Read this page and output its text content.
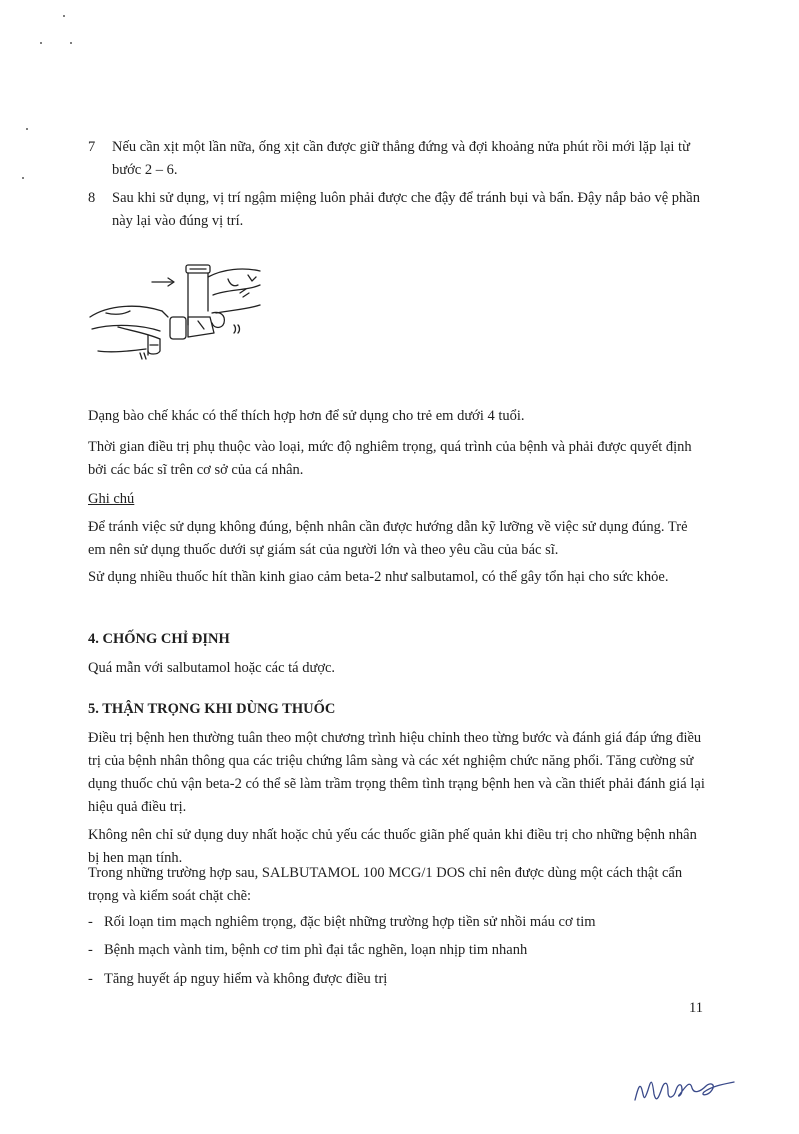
7 Nếu cần xịt một lần nữa, ống xịt cần được giữ thẳng đứng và đợi khoảng nửa phút rồi mới lặp lại từ bước 2 – 6.
8 Sau khi sử dụng, vị trí ngậm miệng luôn phải được che đậy để tránh bụi và bẩn. Đậy nắp bảo vệ phần này lại vào đúng vị trí.

Dạng bào chế khác có thể thích hợp hơn để sử dụng cho trẻ em dưới 4 tuổi.

Thời gian điều trị phụ thuộc vào loại, mức độ nghiêm trọng, quá trình của bệnh và phải được quyết định bởi các bác sĩ trên cơ sở của cá nhân.

Ghi chú

Để tránh việc sử dụng không đúng, bệnh nhân cần được hướng dẫn kỹ lưỡng về việc sử dụng đúng. Trẻ em nên sử dụng thuốc dưới sự giám sát của người lớn và theo yêu cầu của bác sĩ.

Sử dụng nhiều thuốc hít thần kinh giao cảm beta-2 như salbutamol, có thể gây tổn hại cho sức khỏe.

4. CHỐNG CHỈ ĐỊNH

Quá mẫn với salbutamol hoặc các tá dược.

5. THẬN TRỌNG KHI DÙNG THUỐC

Điều trị bệnh hen thường tuân theo một chương trình hiệu chỉnh theo từng bước và đánh giá đáp ứng điều trị của bệnh nhân thông qua các triệu chứng lâm sàng và các xét nghiệm chức năng phổi. Tăng cường sử dụng thuốc chủ vận beta-2 có thể sẽ làm trầm trọng thêm tình trạng bệnh hen và cần thiết phải đánh giá lại hiệu quả điều trị.

Không nên chỉ sử dụng duy nhất hoặc chủ yếu các thuốc giãn phế quản khi điều trị cho những bệnh nhân bị hen mạn tính.

Trong những trường hợp sau, SALBUTAMOL 100 MCG/1 DOS chỉ nên được dùng một cách thật cẩn trọng và kiểm soát chặt chẽ:

- Rối loạn tim mạch nghiêm trọng, đặc biệt những trường hợp tiền sử nhồi máu cơ tim
- Bệnh mạch vành tim, bệnh cơ tim phì đại tắc nghẽn, loạn nhịp tim nhanh
- Tăng huyết áp nguy hiểm và không được điều trị
11
